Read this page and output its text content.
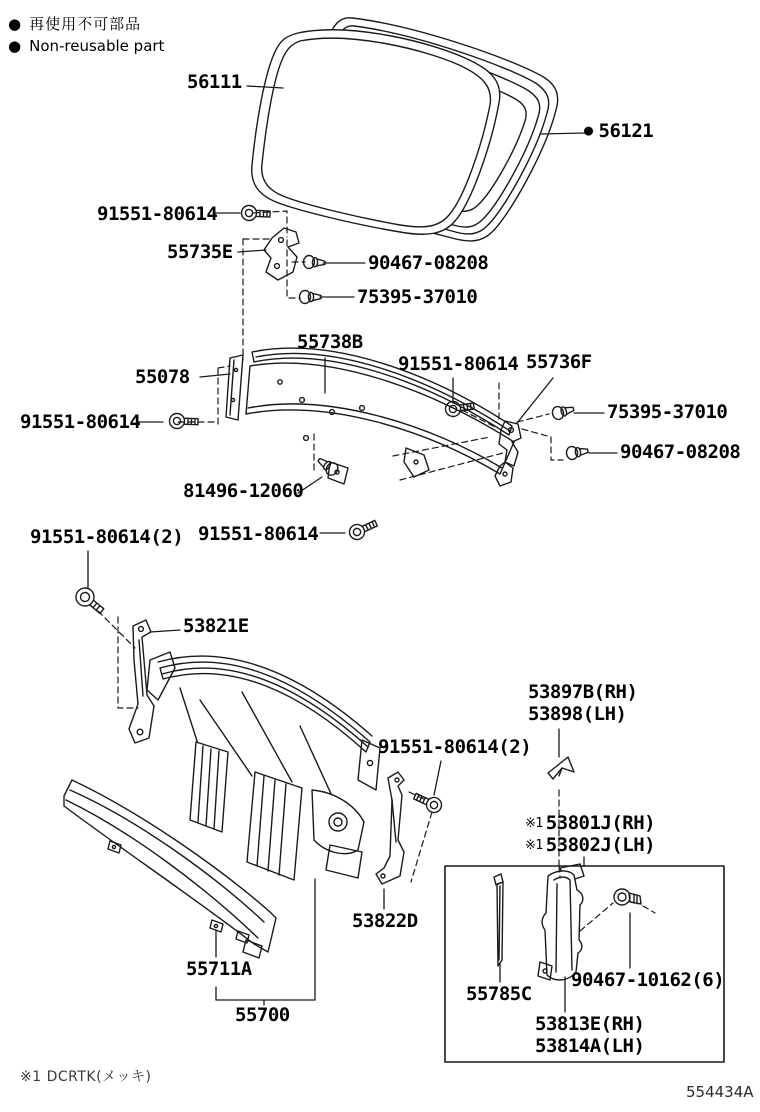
● 再使用不可部品
● Non-reusable part
56111
● 56121
91551-80614
55735E	90467-08208
75395-37010
55738B
91551-80614 55736F
55078
75395-37010
90467-08208
91551-80614
81496-12060
91551-80614(2) 91551-80614
53821E
53897B(RH)
53898(LH)
91551-80614(2)
※1 53801J(RH)
※1 53802J(LH)
53822D
55711A
55700
55785C
90467-10162(6)
53813E(RH)
53814A(LH)
※1 DCRTK(メッキ)
554434A
